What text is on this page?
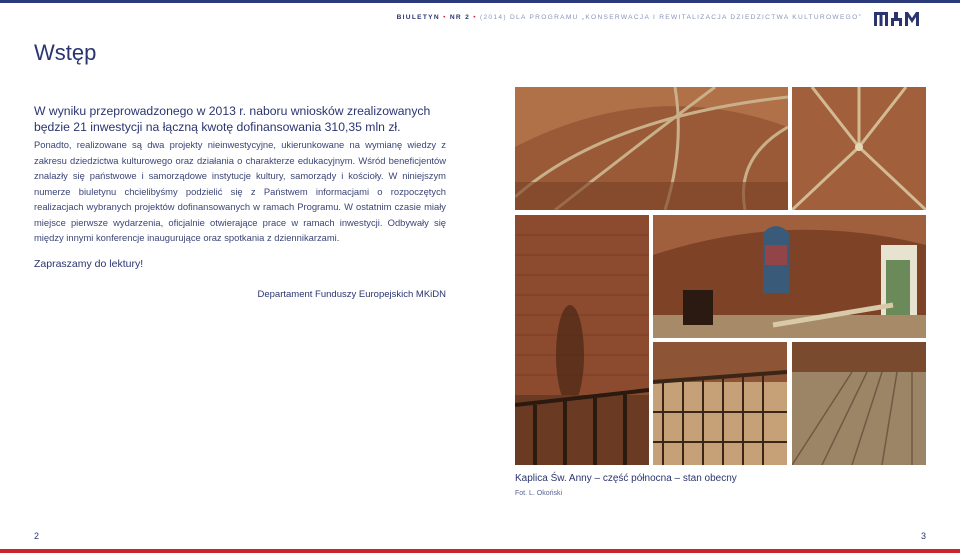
BIULETYN • NR 2 • (2014) DLA PROGRAMU „KONSERWACJA I REWITALIZACJA DZIEDZICTWA KULTUROWEGO”
Wstęp

W wyniku przeprowadzonego w 2013 r. naboru wniosków zrealizowanych będzie 21 inwestycji na łączną kwotę dofinansowania 310,35 mln zł.

Ponadto, realizowane są dwa projekty nieinwestycyjne, ukierunkowane na wymianę wiedzy z zakresu dziedzictwa kulturowego oraz działania o charakterze edukacyjnym. Wśród beneficjentów znalazły się państwowe i samorządowe instytucje kultury, samorządy i kościoły. W niniejszym numerze biuletynu chcielibyśmy podzielić się z Państwem informacjami o rozpoczętych realizacjach wybranych projektów dofinansowanych w ramach Programu. W ostatnim czasie miały miejsce pierwsze wydarzenia, oficjalnie otwierające prace w ramach inwestycji. Odbywały się między innymi konferencje inaugurujące oraz spotkania z dziennikarzami.

Zapraszamy do lektury!

Departament Funduszy Europejskich MKiDN

Kaplica Św. Anny – część północna – stan obecny

Fot. L. Okoński

2	3
